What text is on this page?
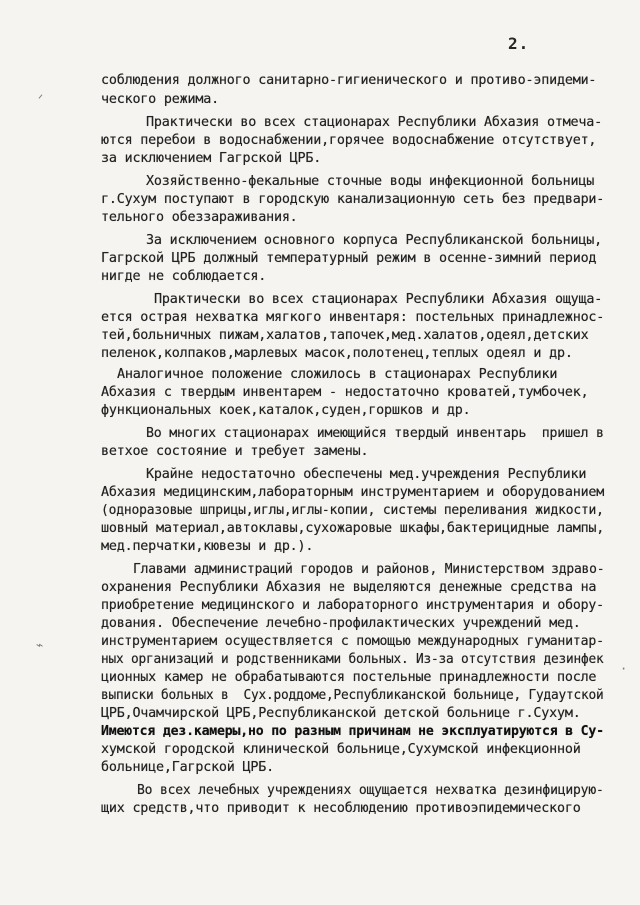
2.
ᐟ
⌁
·
соблюдения должного санитарно-гигиенического и противо-эпидеми-
ческого режима.
Практически во всех стационарах Республики Абхазия отмеча-
ются перебои в водоснабжении,горячее водоснабжение отсутствует,
за исключением Гагрской ЦРБ.
Хозяйственно-фекальные сточные воды инфекционной больницы
г.Сухум поступают в городскую канализационную сеть без предвари-
тельного обеззараживания.
За исключением основного корпуса Республиканской больницы,
Гагрской ЦРБ должный температурный режим в осенне-зимний период
нигде не соблюдается.
Практически во всех стационарах Республики Абхазия ощуща-
ется острая нехватка мягкого инвентаря: постельных принадлежнос-
тей,больничных пижам,халатов,тапочек,мед.халатов,одеял,детских
пеленок,колпаков,марлевых масок,полотенец,теплых одеял и др.
Аналогичное положение сложилось в стационарах Республики
Абхазия с твердым инвентарем - недостаточно кроватей,тумбочек,
функциональных коек,каталок,суден,горшков и др.
Во многих стационарах имеющийся твердый инвентарь  пришел в
ветхое состояние и требует замены.
Крайне недостаточно обеспечены мед.учреждения Республики
Абхазия медицинским,лабораторным инструментарием и оборудованием
(одноразовые шприцы,иглы,иглы-копии, системы переливания жидкости,
шовный материал,автоклавы,сухожаровые шкафы,бактерицидные лампы,
мед.перчатки,кювезы и др.).
Главами администраций городов и районов, Министерством здраво-
охранения Республики Абхазия не выделяются денежные средства на
приобретение медицинского и лабораторного инструментария и обору-
дования. Обеспечение лечебно-профилактических учреждений мед.
инструментарием осуществляется с помощью международных гуманитар-
ных организаций и родственниками больных. Из-за отсутствия дезинфек
ционных камер не обрабатываются постельные принадлежности после
выписки больных в  Сух.роддоме,Республиканской больнице, Гудаутской
ЦРБ,Очамчирской ЦРБ,Республиканской детской больнице г.Сухум.
Имеются дез.камеры,но по разным причинам не эксплуатируются в Су-
хумской городской клинической больнице,Сухумской инфекционной
больнице,Гагрской ЦРБ.
Во всех лечебных учреждениях ощущается нехватка дезинфицирую-
щих средств,что приводит к несоблюдению противоэпидемического
